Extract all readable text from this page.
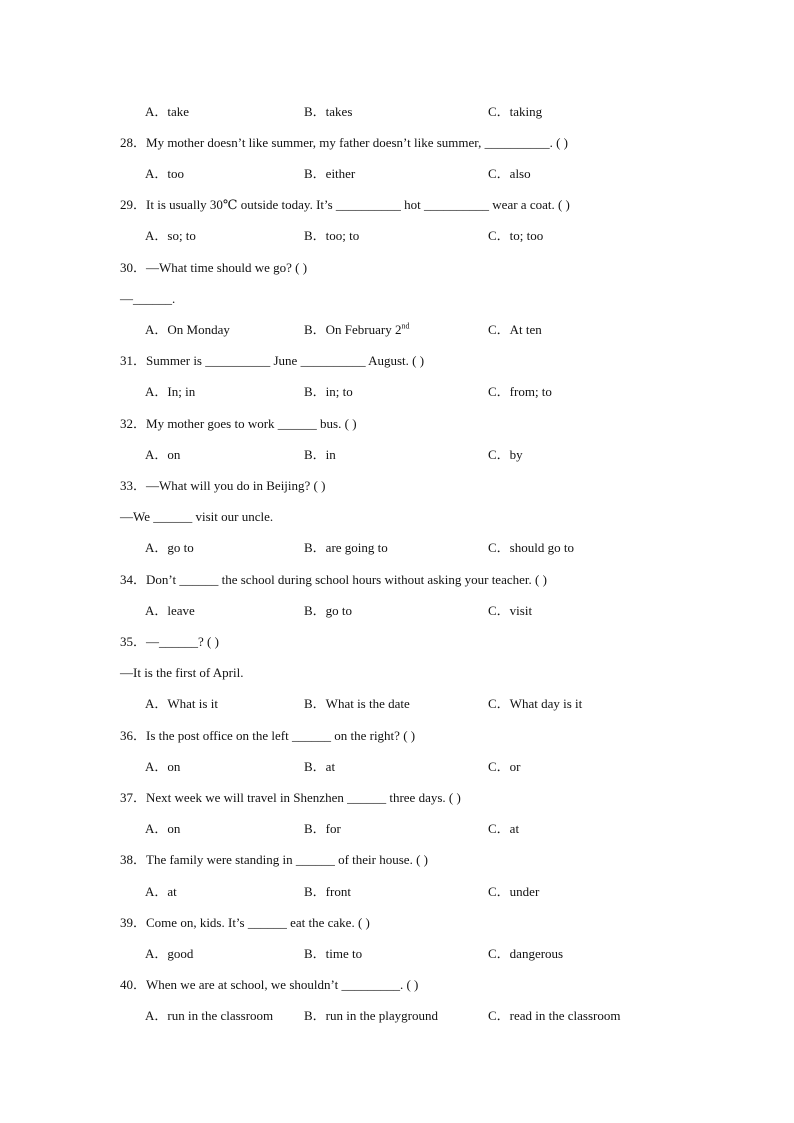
A．take	B．takes	C．taking
28．My mother doesn’t like summer, my father doesn’t like summer, __________. ( )
A．too	B．either	C．also
29．It is usually 30℃ outside today. It’s __________ hot __________ wear a coat. ( )
A．so; to	B．too; to	C．to; too
30．—What time should we go? ( )
—______.
A．On Monday	B．On February 2nd	C．At ten
31．Summer is __________ June __________ August. ( )
A．In; in	B．in; to	C．from; to
32．My mother goes to work ______ bus. ( )
A．on	B．in	C．by
33．—What will you do in Beijing? ( )
—We ______ visit our uncle.
A．go to	B．are going to	C．should go to
34．Don’t ______ the school during school hours without asking your teacher. ( )
A．leave	B．go to	C．visit
35．—______? ( )
—It is the first of April.
A．What is it	B．What is the date	C．What day is it
36．Is the post office on the left ______ on the right? ( )
A．on	B．at	C．or
37．Next week we will travel in Shenzhen ______ three days. ( )
A．on	B．for	C．at
38．The family were standing in ______ of their house. ( )
A．at	B．front	C．under
39．Come on, kids. It’s ______ eat the cake. ( )
A．good	B．time to	C．dangerous
40．When we are at school, we shouldn’t _________. ( )
A．run in the classroom B．run in the playground	C．read in the classroom
